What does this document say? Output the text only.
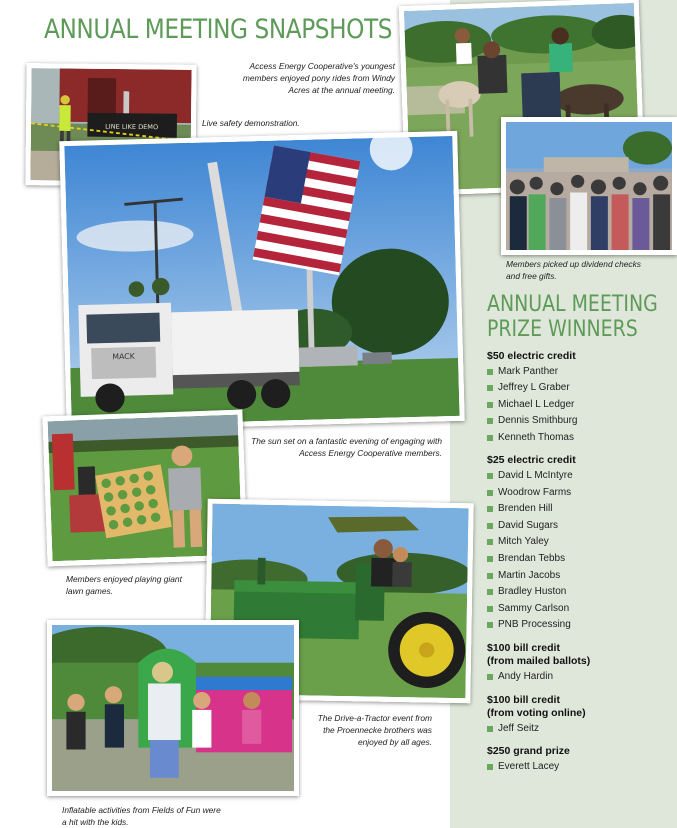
ANNUAL MEETING SNAPSHOTS
LINE LIKE DEMO	Live safety demonstration.
Access Energy Cooperative's youngest members enjoyed pony rides from Windy Acres at the annual meeting.
Members picked up dividend checks and free gifts.
MACK
The sun set on a fantastic evening of engaging with Access Energy Cooperative members.
Members enjoyed playing giant lawn games.
The Drive-a-Tractor event from the Proennecke brothers was enjoyed by all ages.
Inflatable activities from Fields of Fun were a hit with the kids.
ANNUAL MEETING
PRIZE WINNERS
$50 electric credit
Mark Panther
Jeffrey L Graber
Michael L Ledger
Dennis Smithburg
Kenneth Thomas
$25 electric credit
David L McIntyre
Woodrow Farms
Brenden Hill
David Sugars
Mitch Yaley
Brendan Tebbs
Martin Jacobs
Bradley Huston
Sammy Carlson
PNB Processing
$100 bill credit
(from mailed ballots)
Andy Hardin
$100 bill credit
(from voting online)
Jeff Seitz
$250 grand prize
Everett Lacey
